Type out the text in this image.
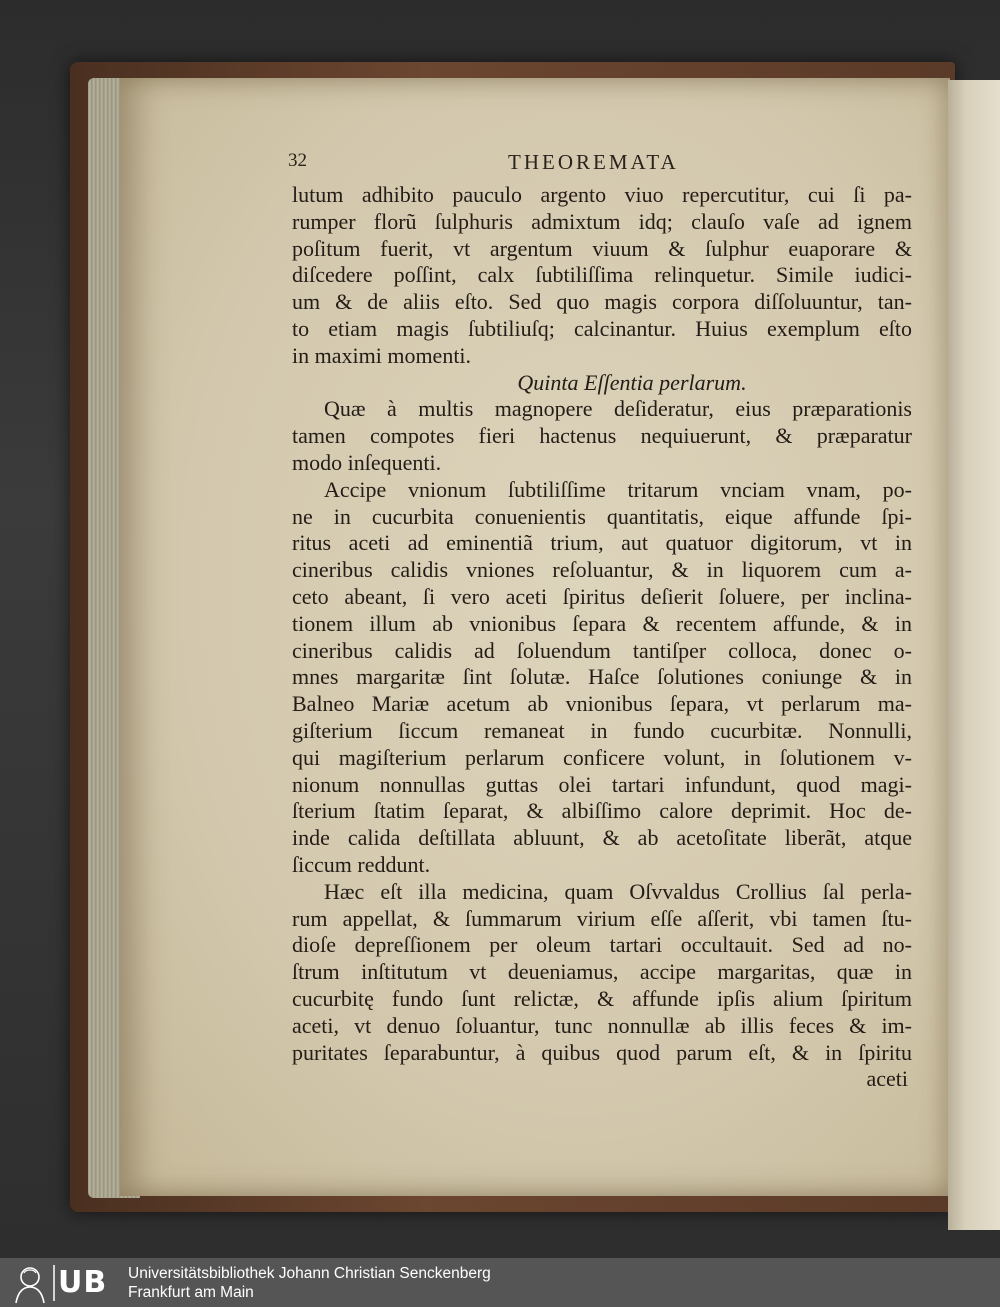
32	THEOREMATA
lutum adhibito pauculo argento viuo repercutitur, cui ſi pa-
rumper florũ ſulphuris admixtum idq; clauſo vaſe ad ignem
poſitum fuerit, vt argentum viuum & ſulphur euaporare &
diſcedere poſſint, calx ſubtiliſſima relinquetur. Simile iudici-
um & de aliis eſto. Sed quo magis corpora diſſoluuntur, tan-
to etiam magis ſubtiliuſq; calcinantur. Huius exemplum eſto
in maximi momenti.
Quinta Eſſentia perlarum.
Quæ à multis magnopere deſideratur, eius præparationis
tamen compotes fieri hactenus nequiuerunt, & præparatur
modo inſequenti.
Accipe vnionum ſubtiliſſime tritarum vnciam vnam, po-
ne in cucurbita conuenientis quantitatis, eique affunde ſpi-
ritus aceti ad eminentiã trium, aut quatuor digitorum, vt in
cineribus calidis vniones reſoluantur, & in liquorem cum a-
ceto abeant, ſi vero aceti ſpiritus deſierit ſoluere, per inclina-
tionem illum ab vnionibus ſepara & recentem affunde, & in
cineribus calidis ad ſoluendum tantiſper colloca, donec o-
mnes margaritæ ſint ſolutæ. Haſce ſolutiones coniunge & in
Balneo Mariæ acetum ab vnionibus ſepara, vt perlarum ma-
giſterium ſiccum remaneat in fundo cucurbitæ. Nonnulli,
qui magiſterium perlarum conficere volunt, in ſolutionem v-
nionum nonnullas guttas olei tartari infundunt, quod magi-
ſterium ſtatim ſeparat, & albiſſimo calore deprimit. Hoc de-
inde calida deſtillata abluunt, & ab acetoſitate liberãt, atque
ſiccum reddunt.
Hæc eſt illa medicina, quam Oſvvaldus Crollius ſal perla-
rum appellat, & ſummarum virium eſſe aſſerit, vbi tamen ſtu-
dioſe depreſſionem per oleum tartari occultauit. Sed ad no-
ſtrum inſtitutum vt deueniamus, accipe margaritas, quæ in
cucurbitę fundo ſunt relictæ, & affunde ipſis alium ſpiritum
aceti, vt denuo ſoluantur, tunc nonnullæ ab illis feces & im-
puritates ſeparabuntur, à quibus quod parum eſt, & in ſpiritu
aceti
UB Universitätsbibliothek Johann Christian Senckenberg
Frankfurt am Main
